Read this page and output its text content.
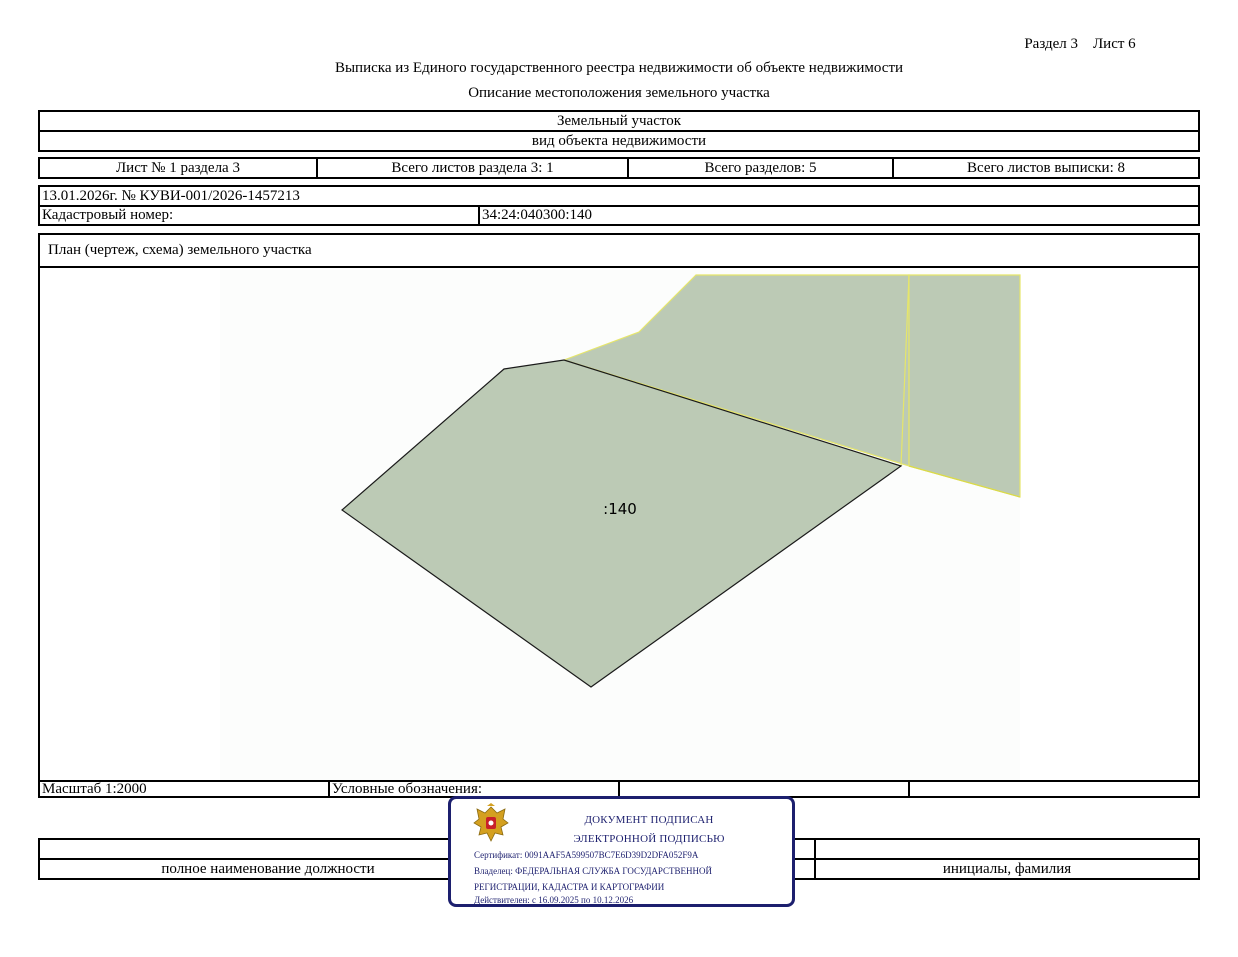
Раздел 3    Лист 6
Выписка из Единого государственного реестра недвижимости об объекте недвижимости
Описание местоположения земельного участка
Земельный участок
вид объекта недвижимости
Лист № 1 раздела 3	Всего листов раздела 3: 1	Всего разделов: 5	Всего листов выписки: 8
13.01.2026г. № КУВИ-001/2026-1457213
Кадастровый номер:	34:24:040300:140
План (чертеж, схема) земельного участка
:140
Масштаб 1:2000	Условные обозначения:
полное наименование должности	инициалы, фамилия
ДОКУМЕНТ ПОДПИСАН
ЭЛЕКТРОННОЙ ПОДПИСЬЮ
Сертификат: 0091AAF5A599507BC7E6D39D2DFA052F9A
Владелец: ФЕДЕРАЛЬНАЯ СЛУЖБА ГОСУДАРСТВЕННОЙ
РЕГИСТРАЦИИ, КАДАСТРА И КАРТОГРАФИИ
Действителен: с 16.09.2025 по 10.12.2026
